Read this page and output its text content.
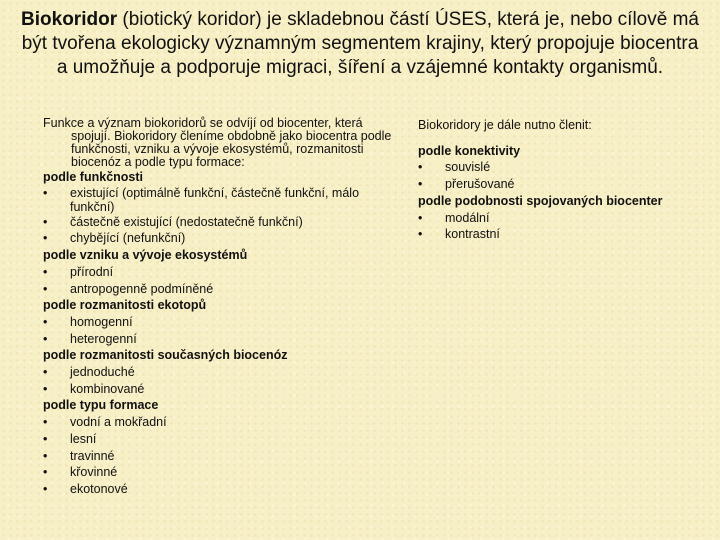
Biokoridor (biotický koridor) je skladebnou částí ÚSES, která je, nebo cílově má být tvořena ekologicky významným segmentem krajiny, který propojuje biocentra a umožňuje a podporuje migraci, šíření a vzájemné kontakty organismů.
Funkce a význam biokoridorů se odvíjí od biocenter, která spojují. Biokoridory členíme obdobně jako biocentra podle funkčnosti, vzniku a vývoje ekosystémů, rozmanitosti biocenóz a podle typu formace:
podle funkčnosti
• existující (optimálně funkční, částečně funkční, málo funkční)
• částečně existující (nedostatečně funkční)
• chybějící (nefunkční)
podle vzniku a vývoje ekosystémů
• přírodní
• antropogenně podmíněné
podle rozmanitosti ekotopů
• homogenní
• heterogenní
podle rozmanitosti současných biocenóz
• jednoduché
• kombinované
podle typu formace
• vodní a mokřadní
• lesní
• travinné
• křovinné
• ekotonové
Biokoridory je dále nutno členit:
podle konektivity
• souvislé
• přerušované
podle podobnosti spojovaných biocenter
• modální
• kontrastní
